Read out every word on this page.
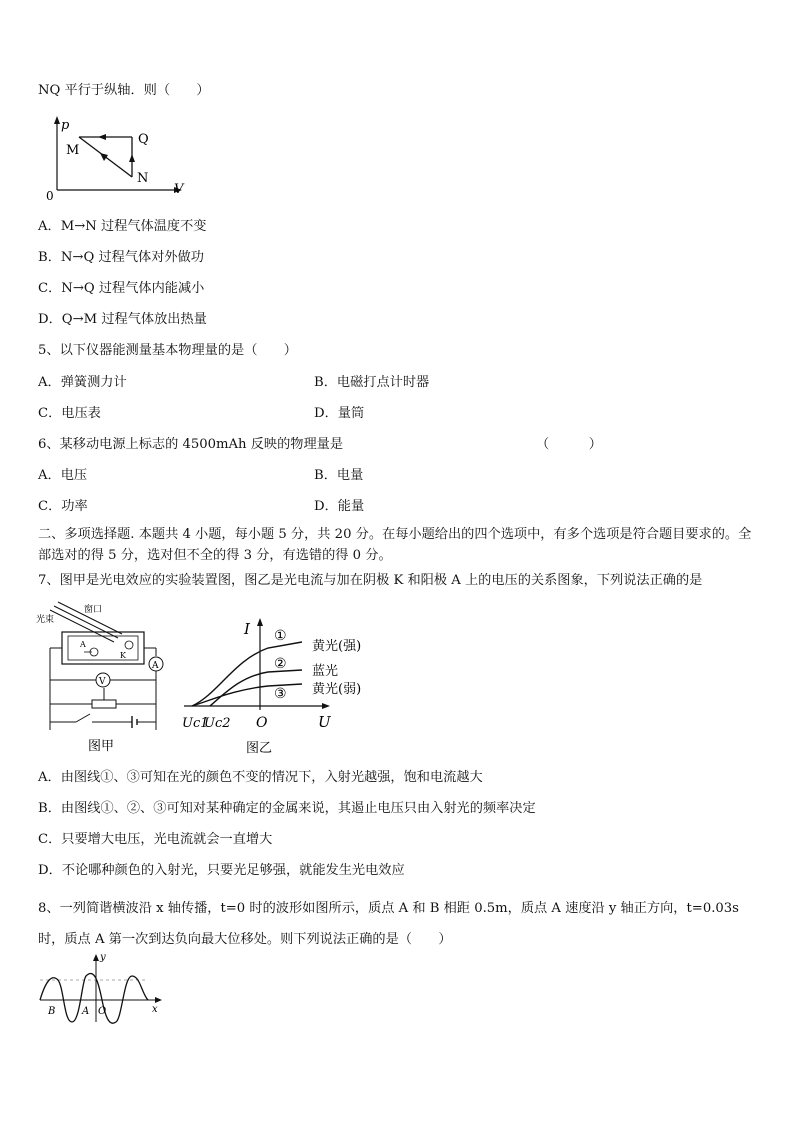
NQ 平行于纵轴．则（　　）
p
V
0
M
N
Q
A．M→N 过程气体温度不变
B．N→Q 过程气体对外做功
C．N→Q 过程气体内能减小
D．Q→M 过程气体放出热量
5、以下仪器能测量基本物理量的是（　　）
A．弹簧测力计	B．电磁打点计时器
C．电压表	D．量筒
6、某移动电源上标志的 4500mAh 反映的物理量是	（　　　）
A．电压	B．电量
C．功率	D．能量
二、多项选择题. 本题共 4 小题，每小题 5 分，共 20 分。在每小题给出的四个选项中，有多个选项是符合题目要求的。全部选对的得 5 分，选对但不全的得 3 分，有选错的得 0 分。
7、图甲是光电效应的实验装置图，图乙是光电流与加在阴极 K 和阳极 A 上的电压的关系图象，下列说法正确的是
光束
窗口
A
K
A
V
图甲
I
U
O
Uc1
Uc2
①
②
③
黄光(强)
蓝光
黄光(弱)
图乙
A．由图线①、③可知在光的颜色不变的情况下，入射光越强，饱和电流越大
B．由图线①、②、③可知对某种确定的金属来说，其遏止电压只由入射光的频率决定
C．只要增大电压，光电流就会一直增大
D．不论哪种颜色的入射光，只要光足够强，就能发生光电效应
8、一列简谐横波沿 x 轴传播，t=0 时的波形如图所示，质点 A 和 B 相距 0.5m，质点 A 速度沿 y 轴正方向，t=0.03s 时，质点 A 第一次到达负向最大位移处。则下列说法正确的是（　　）
y
x
B	A O
